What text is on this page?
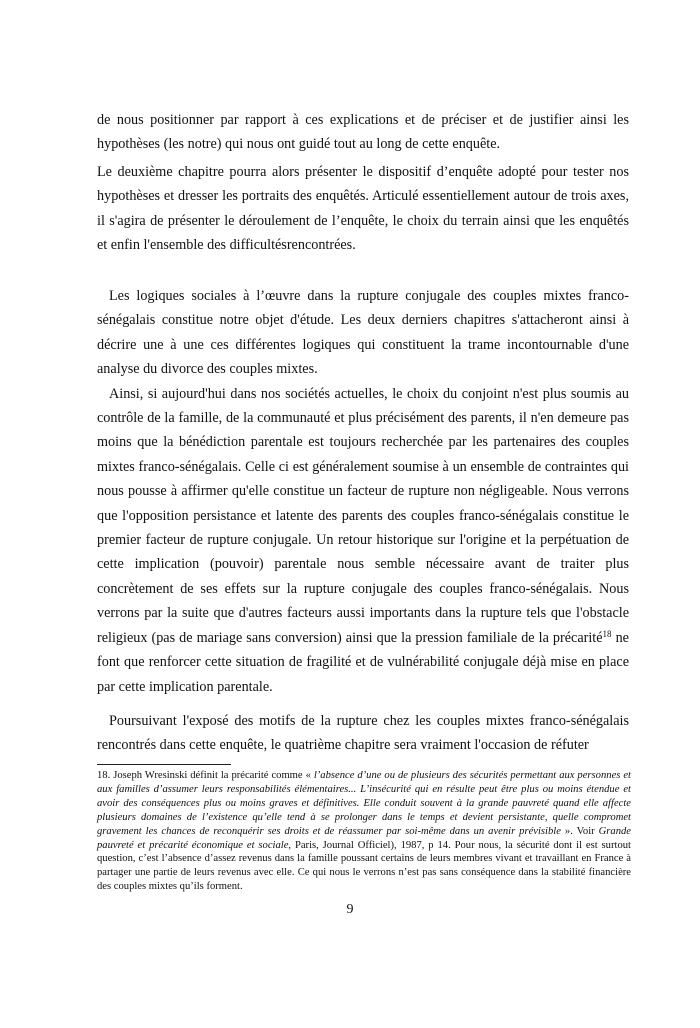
de nous positionner par rapport à ces explications et de préciser et de justifier ainsi les hypothèses (les notre) qui nous ont guidé tout au long de cette enquête.

Le deuxième chapitre pourra alors présenter le dispositif d’enquête adopté pour tester nos hypothèses et dresser les portraits des enquêtés. Articulé essentiellement autour de trois axes, il s'agira de présenter le déroulement de l’enquête, le choix du terrain ainsi que les enquêtés et enfin l'ensemble des difficultésrencontrées.

Les logiques sociales à l’œuvre dans la rupture conjugale des couples mixtes franco-sénégalais constitue notre objet d'étude. Les deux derniers chapitres s'attacheront ainsi à décrire une à une ces différentes logiques qui constituent la trame incontournable d'une analyse du divorce des couples mixtes.

Ainsi, si aujourd'hui dans nos sociétés actuelles, le choix du conjoint n'est plus soumis au contrôle de la famille, de la communauté et plus précisément des parents, il n'en demeure pas moins que la bénédiction parentale est toujours recherchée par les partenaires des couples mixtes franco-sénégalais. Celle ci est généralement soumise à un ensemble de contraintes qui nous pousse à affirmer qu'elle constitue un facteur de rupture non négligeable. Nous verrons que l'opposition persistance et latente des parents des couples franco-sénégalais constitue le premier facteur de rupture conjugale. Un retour historique sur l'origine et la perpétuation de cette implication (pouvoir) parentale nous semble nécessaire avant de traiter plus concrètement de ses effets sur la rupture conjugale des couples franco-sénégalais. Nous verrons par la suite que d'autres facteurs aussi importants dans la rupture tels que l'obstacle religieux (pas de mariage sans conversion) ainsi que la pression familiale de la précarité$^{18}$ ne font que renforcer cette situation de fragilité et de vulnérabilité conjugale déjà mise en place par cette implication parentale.

Poursuivant l'exposé des motifs de la rupture chez les couples mixtes franco-sénégalais rencontrés dans cette enquête, le quatrième chapitre sera vraiment l'occasion de réfuter

18. Joseph Wresinski définit la précarité comme « l’absence d’une ou de plusieurs des sécurités permettant aux personnes et aux familles d’assumer leurs responsabilités élémentaires... L’insécurité qui en résulte peut être plus ou moins étendue et avoir des conséquences plus ou moins graves et définitives. Elle conduit souvent à la grande pauvreté quand elle affecte plusieurs domaines de l’existence qu’elle tend à se prolonger dans le temps et devient persistante, quelle compromet gravement les chances de reconquérir ses droits et de réassumer par soi-même dans un avenir prévisible ». Voir Grande pauvreté et précarité économique et sociale, Paris, Journal Officiel), 1987, p 14. Pour nous, la sécurité dont il est surtout question, c’est l’absence d’assez revenus dans la famille poussant certains de leurs membres vivant et travaillant en France à partager une partie de leurs revenus avec elle. Ce qui nous le verrons n’est pas sans conséquence dans la stabilité financière des couples mixtes qu’ils forment.
9
